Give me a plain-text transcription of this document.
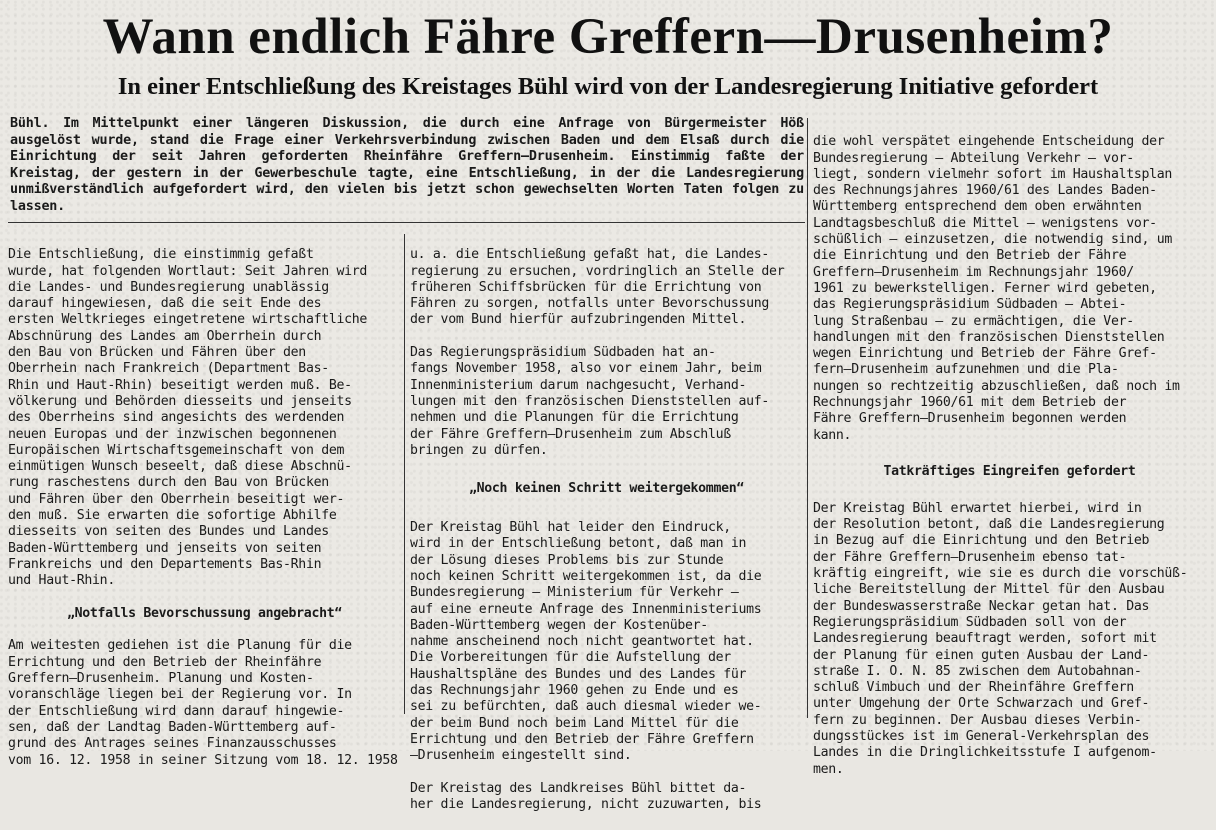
Wann endlich Fähre Greffern—Drusenheim?
In einer Entschließung des Kreistages Bühl wird von der Landesregierung Initiative gefordert
Bühl. Im Mittelpunkt einer längeren Diskussion, die durch eine Anfrage von Bürgermeister Höß ausgelöst wurde, stand die Frage einer Verkehrsverbindung zwischen Baden und dem Elsaß durch die Einrichtung der seit Jahren geforderten Rheinfähre Greffern—Drusenheim. Einstimmig faßte der Kreistag, der gestern in der Gewerbeschule tagte, eine Entschließung, in der die Landesregierung unmißverständlich aufgefordert wird, den vielen bis jetzt schon gewechselten Worten Taten folgen zu lassen.

Die Entschließung, die einstimmig gefaßt
wurde, hat folgenden Wortlaut: Seit Jahren wird
die Landes- und Bundesregierung unablässig
darauf hingewiesen, daß die seit Ende des
ersten Weltkrieges eingetretene wirtschaftliche
Abschnürung des Landes am Oberrhein durch
den Bau von Brücken und Fähren über den
Oberrhein nach Frankreich (Department Bas-
Rhin und Haut-Rhin) beseitigt werden muß. Be-
völkerung und Behörden diesseits und jenseits
des Oberrheins sind angesichts des werdenden
neuen Europas und der inzwischen begonnenen
Europäischen Wirtschaftsgemeinschaft von dem
einmütigen Wunsch beseelt, daß diese Abschnü-
rung raschestens durch den Bau von Brücken
und Fähren über den Oberrhein beseitigt wer-
den muß. Sie erwarten die sofortige Abhilfe
diesseits von seiten des Bundes und Landes
Baden-Württemberg und jenseits von seiten
Frankreichs und den Departements Bas-Rhin
und Haut-Rhin.

„Notfalls Bevorschussung angebracht“

Am weitesten gediehen ist die Planung für die
Errichtung und den Betrieb der Rheinfähre
Greffern—Drusenheim. Planung und Kosten-
voranschläge liegen bei der Regierung vor. In
der Entschließung wird dann darauf hingewie-
sen, daß der Landtag Baden-Württemberg auf-
grund des Antrages seines Finanzausschusses
vom 16. 12. 1958 in seiner Sitzung vom 18. 12. 1958

u. a. die Entschließung gefaßt hat, die Landes-
regierung zu ersuchen, vordringlich an Stelle der
früheren Schiffsbrücken für die Errichtung von
Fähren zu sorgen, notfalls unter Bevorschussung
der vom Bund hierfür aufzubringenden Mittel.

Das Regierungspräsidium Südbaden hat an-
fangs November 1958, also vor einem Jahr, beim
Innenministerium darum nachgesucht, Verhand-
lungen mit den französischen Dienststellen auf-
nehmen und die Planungen für die Errichtung
der Fähre Greffern—Drusenheim zum Abschluß
bringen zu dürfen.

„Noch keinen Schritt weitergekommen“

Der Kreistag Bühl hat leider den Eindruck,
wird in der Entschließung betont, daß man in
der Lösung dieses Problems bis zur Stunde
noch keinen Schritt weitergekommen ist, da die
Bundesregierung — Ministerium für Verkehr —
auf eine erneute Anfrage des Innenministeriums
Baden-Württemberg wegen der Kostenüber-
nahme anscheinend noch nicht geantwortet hat.
Die Vorbereitungen für die Aufstellung der
Haushaltspläne des Bundes und des Landes für
das Rechnungsjahr 1960 gehen zu Ende und es
sei zu befürchten, daß auch diesmal wieder we-
der beim Bund noch beim Land Mittel für die
Errichtung und den Betrieb der Fähre Greffern
—Drusenheim eingestellt sind.

Der Kreistag des Landkreises Bühl bittet da-
her die Landesregierung, nicht zuzuwarten, bis

die wohl verspätet eingehende Entscheidung der
Bundesregierung — Abteilung Verkehr — vor-
liegt, sondern vielmehr sofort im Haushaltsplan
des Rechnungsjahres 1960/61 des Landes Baden-
Württemberg entsprechend dem oben erwähnten
Landtagsbeschluß die Mittel — wenigstens vor-
schüßlich — einzusetzen, die notwendig sind, um
die Einrichtung und den Betrieb der Fähre
Greffern—Drusenheim im Rechnungsjahr 1960/
1961 zu bewerkstelligen. Ferner wird gebeten,
das Regierungspräsidium Südbaden — Abtei-
lung Straßenbau — zu ermächtigen, die Ver-
handlungen mit den französischen Dienststellen
wegen Einrichtung und Betrieb der Fähre Gref-
fern—Drusenheim aufzunehmen und die Pla-
nungen so rechtzeitig abzuschließen, daß noch im
Rechnungsjahr 1960/61 mit dem Betrieb der
Fähre Greffern—Drusenheim begonnen werden
kann.

Tatkräftiges Eingreifen gefordert

Der Kreistag Bühl erwartet hierbei, wird in
der Resolution betont, daß die Landesregierung
in Bezug auf die Einrichtung und den Betrieb
der Fähre Greffern—Drusenheim ebenso tat-
kräftig eingreift, wie sie es durch die vorschüß-
liche Bereitstellung der Mittel für den Ausbau
der Bundeswasserstraße Neckar getan hat. Das
Regierungspräsidium Südbaden soll von der
Landesregierung beauftragt werden, sofort mit
der Planung für einen guten Ausbau der Land-
straße I. O. N. 85 zwischen dem Autobahnan-
schluß Vimbuch und der Rheinfähre Greffern
unter Umgehung der Orte Schwarzach und Gref-
fern zu beginnen. Der Ausbau dieses Verbin-
dungsstückes ist im General-Verkehrsplan des
Landes in die Dringlichkeitsstufe I aufgenom-
men.
